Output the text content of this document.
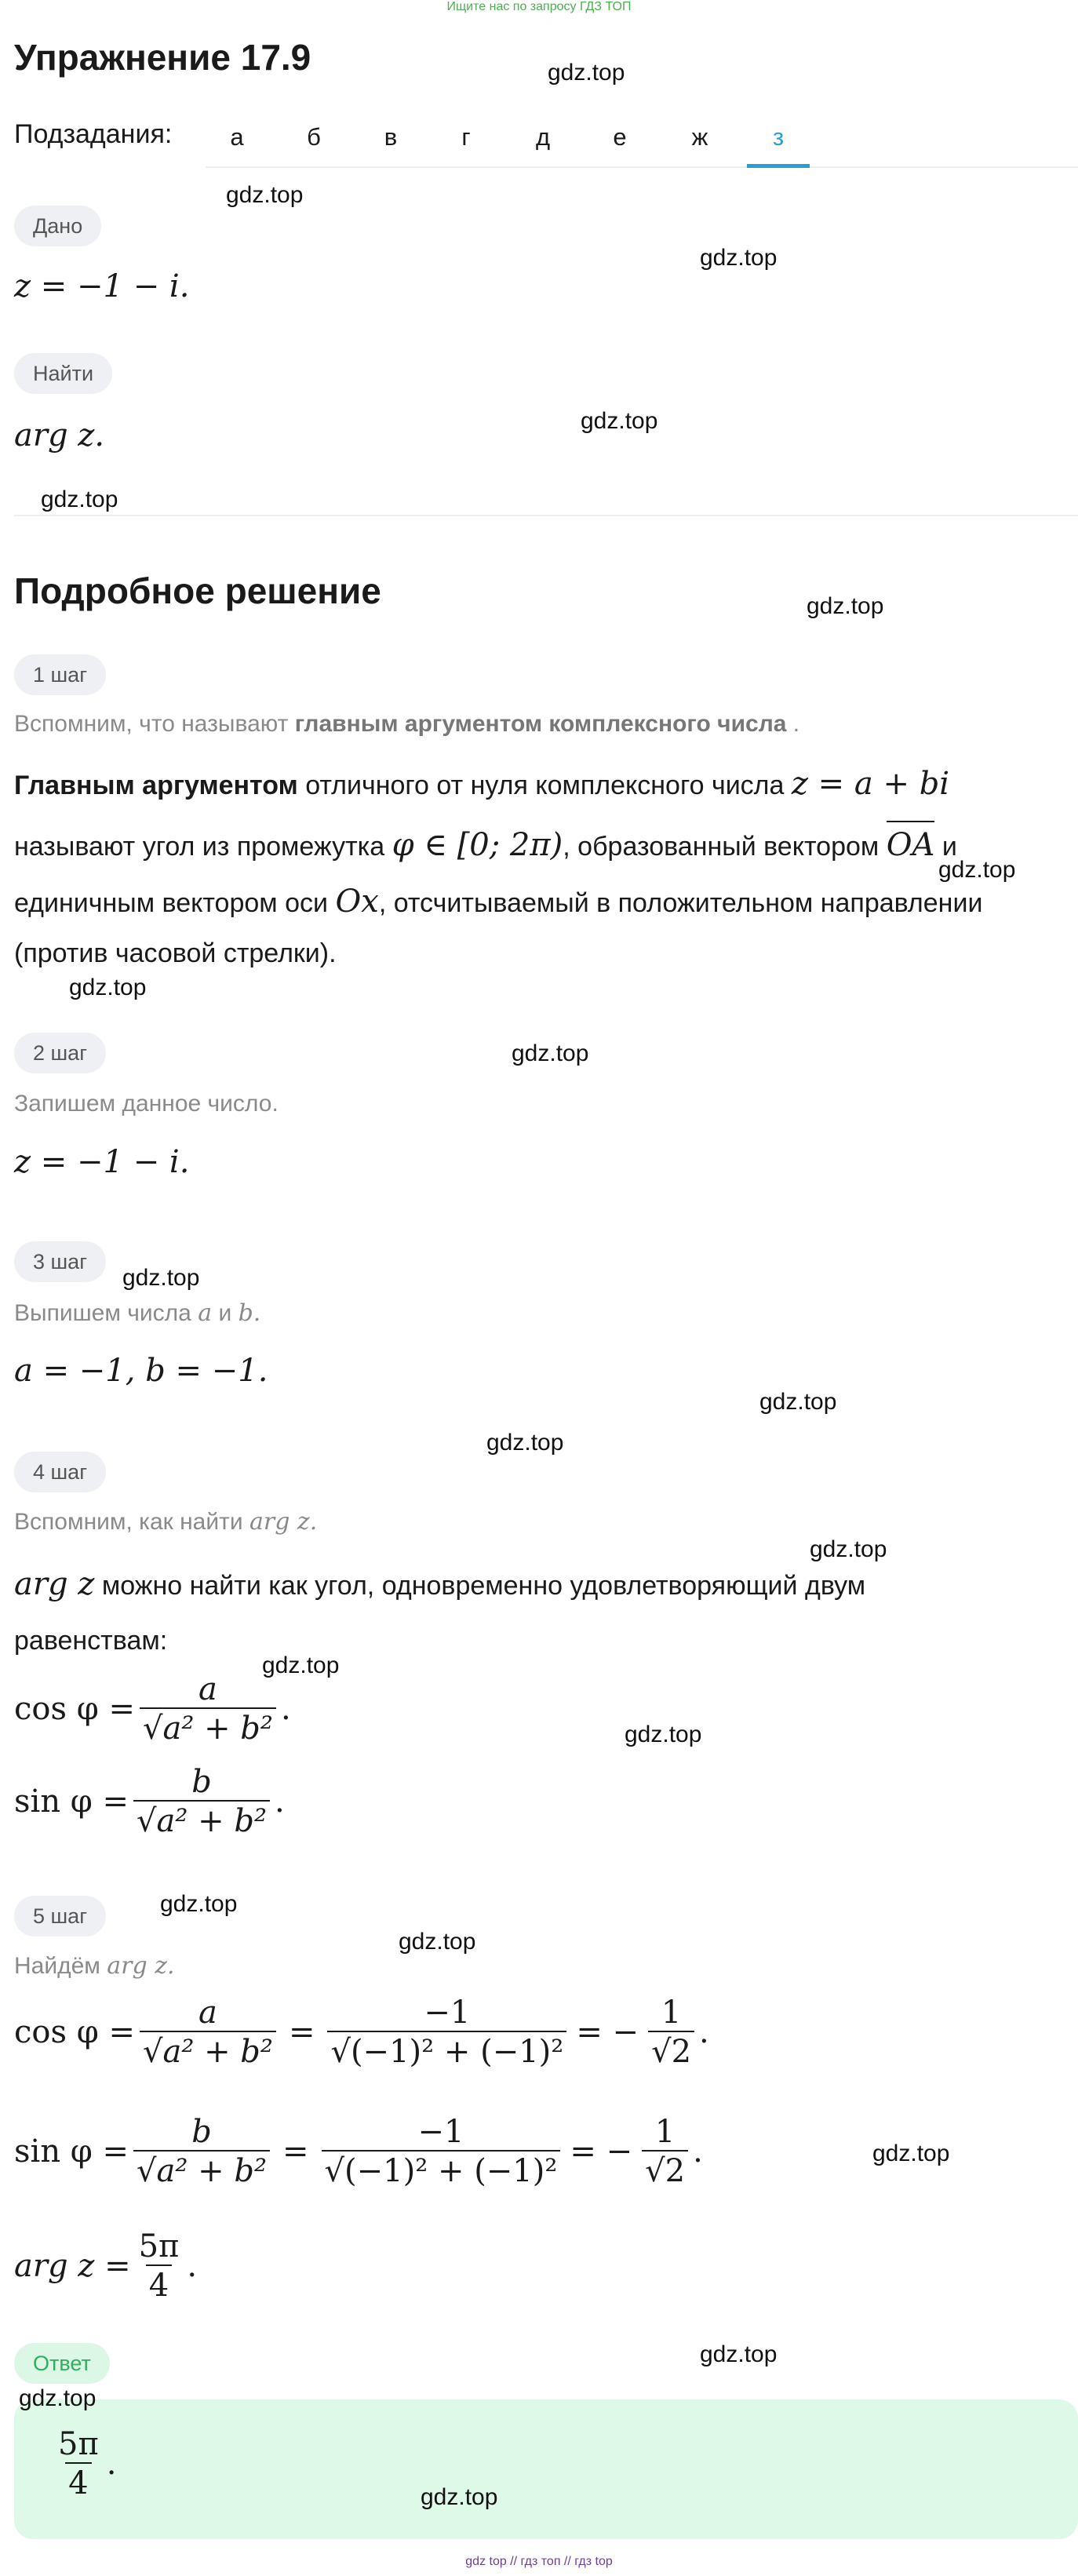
Ищите нас по запросу ГДЗ ТОП
Упражнение 17.9
Подзадания:	а	б	в	г	д	е	ж	з
Дано
z = −1 − i.
Найти
arg z.
Подробное решение
1 шаг
Вспомним, что называют главным аргументом комплексного числа .
Главным аргументом отличного от нуля комплексного числа z = a + bi
называют угол из промежутка φ ∈ [0; 2π), образованный вектором OA и
единичным вектором оси Ox, отсчитываемый в положительном направлении
(против часовой стрелки).
2 шаг
Запишем данное число.
z = −1 − i.
3 шаг
Выпишем числа a и b.
a = −1, b = −1.
4 шаг
Вспомним, как найти arg z.
arg z можно найти как угол, одновременно удовлетворяющий двум
равенствам:
$\cos \varphi = \frac{a}{\text{√a² + b²}}$ .
$\sin \varphi = \frac{b}{\text{√a² + b²}}$ .
5 шаг
Найдём arg z.
$\cos \varphi = \frac{a}{\text{√a² + b²}} = \frac{-1}{\text{√(−1)² + (−1)²}}$ = − $\frac{1}{√2}$ .
$\sin \varphi = \frac{b}{\text{√a² + b²}} = \frac{-1}{\text{√(−1)² + (−1)²}}$ = − $\frac{1}{√2}$ .
arg $z = \frac{5\pi}{4}$ .
Ответ
$\frac{5\pi}{4}$ .
gdz.top
gdz.top
gdz.top
gdz.top
gdz.top
gdz.top
gdz.top
gdz.top
gdz.top
gdz.top
gdz.top
gdz.top
gdz.top
gdz.top
gdz.top
gdz.top
gdz.top
gdz.top
gdz.top
gdz.top
gdz.top
gdz top // гдз топ // гдз top
